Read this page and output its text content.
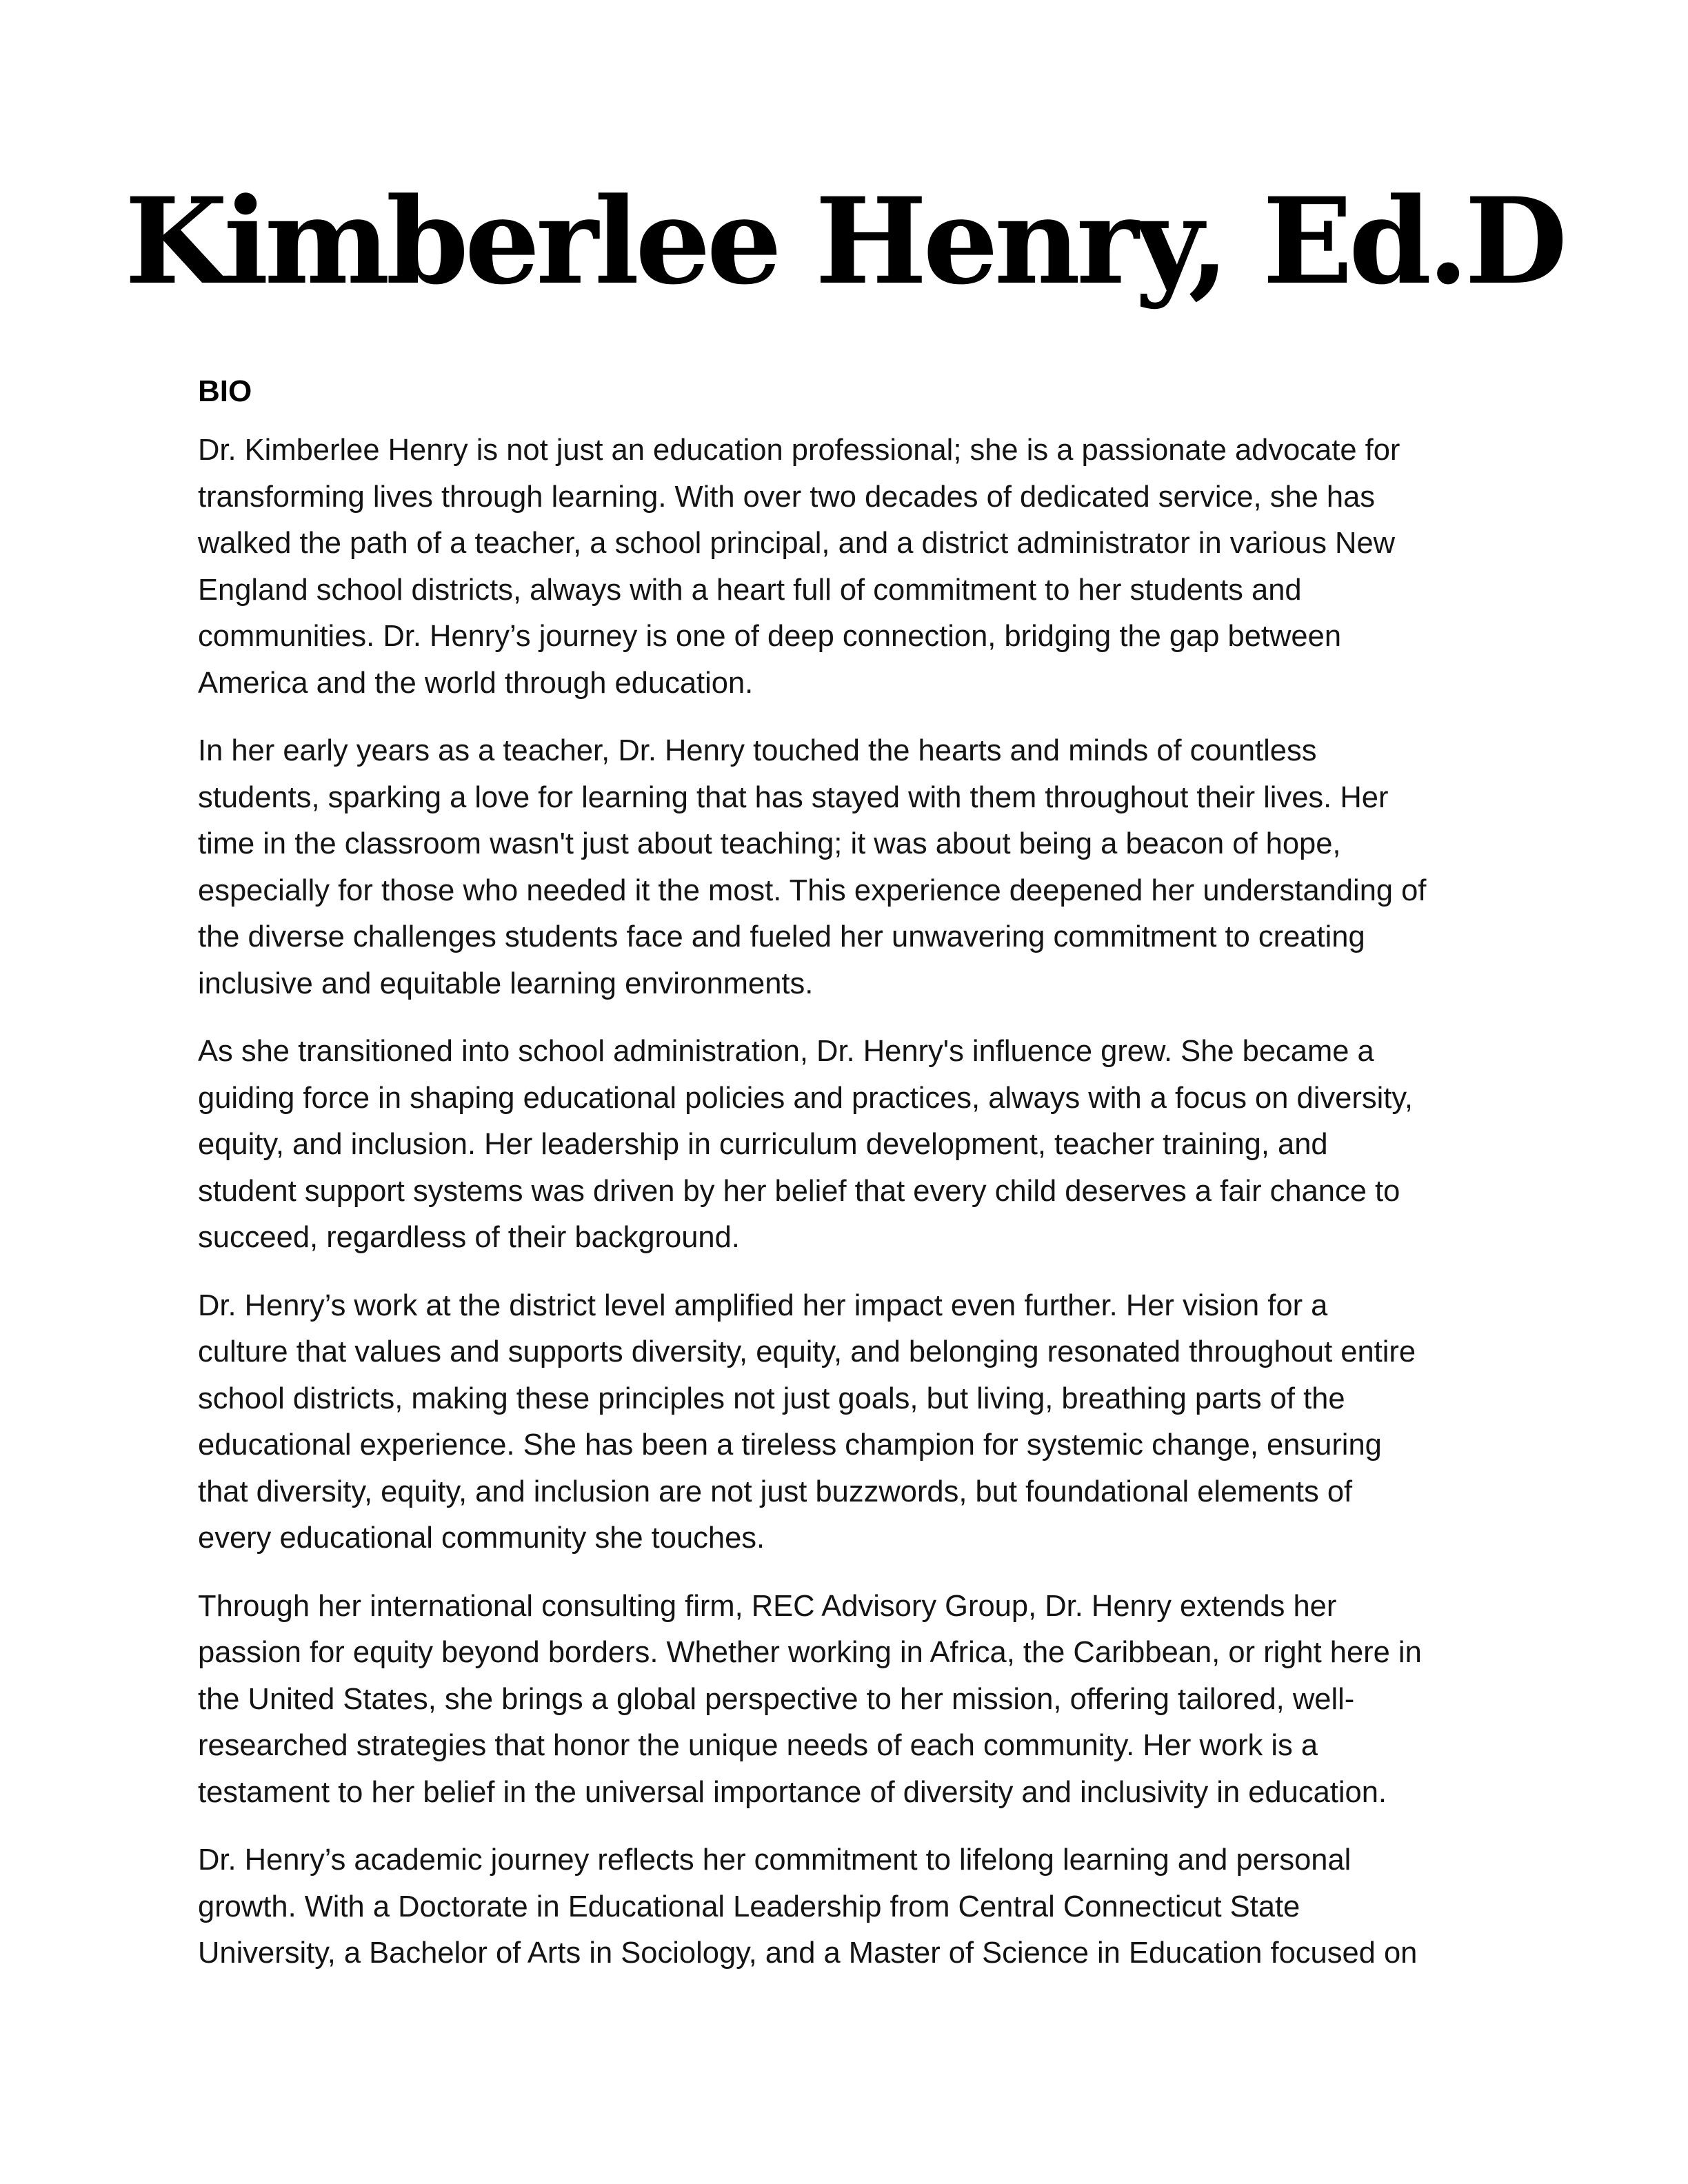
Kimberlee Henry, Ed.D
BIO

Dr. Kimberlee Henry is not just an education professional; she is a passionate advocate for
transforming lives through learning. With over two decades of dedicated service, she has
walked the path of a teacher, a school principal, and a district administrator in various New
England school districts, always with a heart full of commitment to her students and
communities. Dr. Henry’s journey is one of deep connection, bridging the gap between
America and the world through education.

In her early years as a teacher, Dr. Henry touched the hearts and minds of countless
students, sparking a love for learning that has stayed with them throughout their lives. Her
time in the classroom wasn't just about teaching; it was about being a beacon of hope,
especially for those who needed it the most. This experience deepened her understanding of
the diverse challenges students face and fueled her unwavering commitment to creating
inclusive and equitable learning environments.

As she transitioned into school administration, Dr. Henry's influence grew. She became a
guiding force in shaping educational policies and practices, always with a focus on diversity,
equity, and inclusion. Her leadership in curriculum development, teacher training, and
student support systems was driven by her belief that every child deserves a fair chance to
succeed, regardless of their background.

Dr. Henry’s work at the district level amplified her impact even further. Her vision for a
culture that values and supports diversity, equity, and belonging resonated throughout entire
school districts, making these principles not just goals, but living, breathing parts of the
educational experience. She has been a tireless champion for systemic change, ensuring
that diversity, equity, and inclusion are not just buzzwords, but foundational elements of
every educational community she touches.

Through her international consulting firm, REC Advisory Group, Dr. Henry extends her
passion for equity beyond borders. Whether working in Africa, the Caribbean, or right here in
the United States, she brings a global perspective to her mission, offering tailored, well-
researched strategies that honor the unique needs of each community. Her work is a
testament to her belief in the universal importance of diversity and inclusivity in education.

Dr. Henry’s academic journey reflects her commitment to lifelong learning and personal
growth. With a Doctorate in Educational Leadership from Central Connecticut State
University, a Bachelor of Arts in Sociology, and a Master of Science in Education focused on
